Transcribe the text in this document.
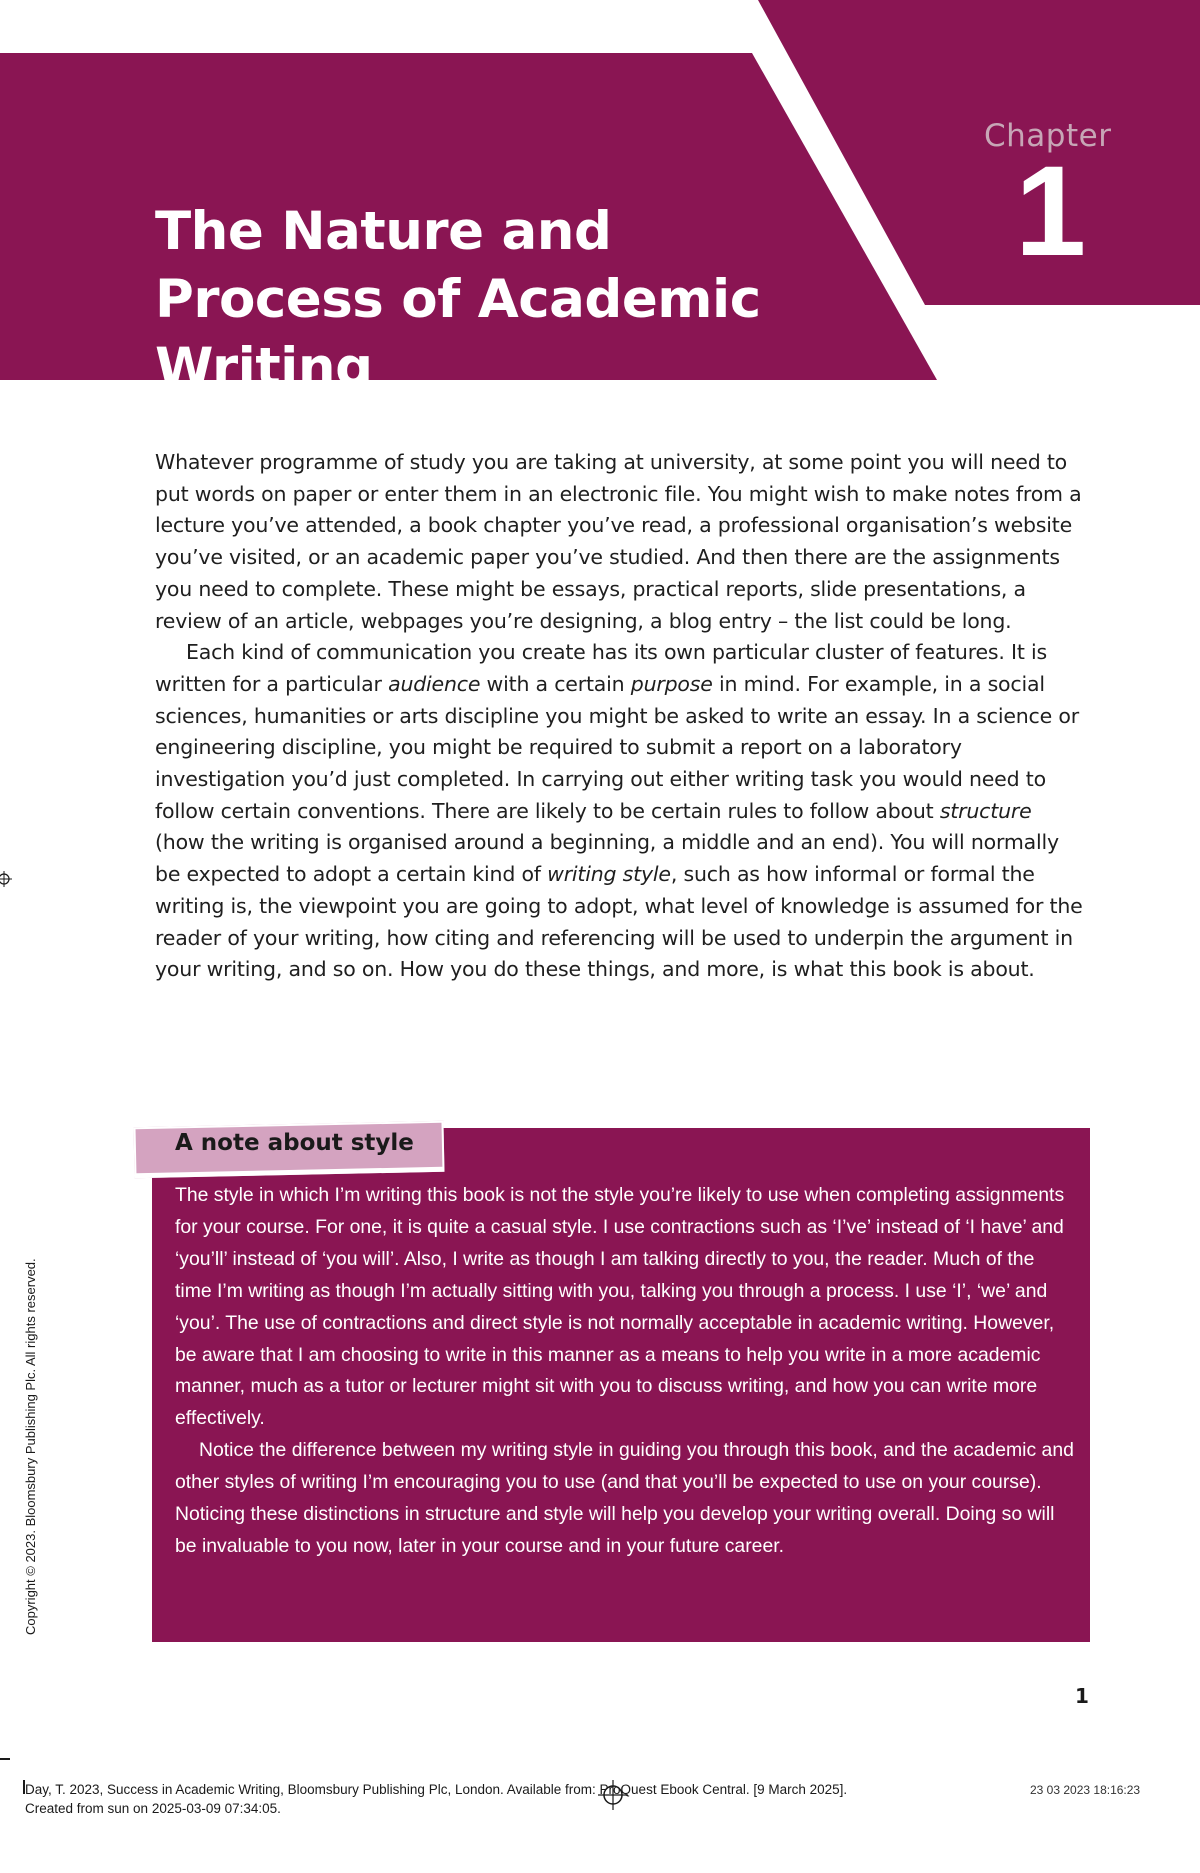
Chapter
1
The Nature and Process of Academic Writing

Whatever programme of study you are taking at university, at some point you will need to put words on paper or enter them in an electronic file. You might wish to make notes from a lecture you’ve attended, a book chapter you’ve read, a professional organisation’s website you’ve visited, or an academic paper you’ve studied. And then there are the assignments you need to complete. These might be essays, practical reports, slide presentations, a review of an article, webpages you’re designing, a blog entry – the list could be long.

Each kind of communication you create has its own particular cluster of features. It is written for a particular audience with a certain purpose in mind. For example, in a social sciences, humanities or arts discipline you might be asked to write an essay. In a science or engineering discipline, you might be required to submit a report on a laboratory investigation you’d just completed. In carrying out either writing task you would need to follow certain conventions. There are likely to be certain rules to follow about structure (how the writing is organised around a beginning, a middle and an end). You will normally be expected to adopt a certain kind of writing style, such as how informal or formal the writing is, the viewpoint you are going to adopt, what level of knowledge is assumed for the reader of your writing, how citing and referencing will be used to underpin the argument in your writing, and so on. How you do these things, and more, is what this book is about.

A note about style

The style in which I’m writing this book is not the style you’re likely to use when completing assignments for your course. For one, it is quite a casual style. I use contractions such as ‘I’ve’ instead of ‘I have’ and ‘you’ll’ instead of ‘you will’. Also, I write as though I am talking directly to you, the reader. Much of the time I’m writing as though I’m actually sitting with you, talking you through a process. I use ‘I’, ‘we’ and ‘you’. The use of contractions and direct style is not normally acceptable in academic writing. However, be aware that I am choosing to write in this manner as a means to help you write in a more academic manner, much as a tutor or lecturer might sit with you to discuss writing, and how you can write more effectively.

Notice the difference between my writing style in guiding you through this book, and the academic and other styles of writing I’m encouraging you to use (and that you’ll be expected to use on your course). Noticing these distinctions in structure and style will help you develop your writing overall. Doing so will be invaluable to you now, later in your course and in your future career.

1
Copyright © 2023. Bloomsbury Publishing Plc. All rights reserved.
Day, T. 2023, Success in Academic Writing, Bloomsbury Publishing Plc, London. Available from: ProQuest Ebook Central. [9 March 2025].
Created from sun on 2025-03-09 07:34:05.
23 03 2023 18:16:23
